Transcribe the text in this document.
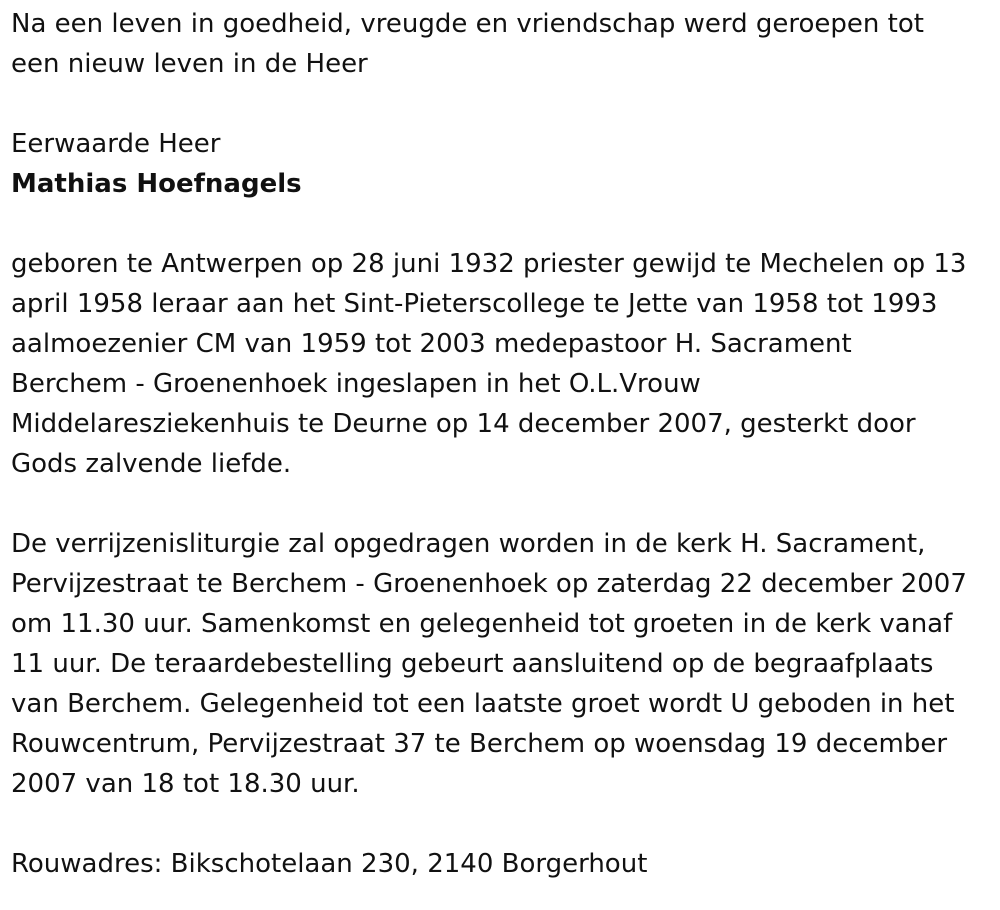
Na een leven in goedheid, vreugde en vriendschap werd geroepen tot
een nieuw leven in de Heer

Eerwaarde Heer

Mathias Hoefnagels

geboren te Antwerpen op 28 juni 1932 priester gewijd te Mechelen op 13
april 1958 leraar aan het Sint-Pieterscollege te Jette van 1958 tot 1993
aalmoezenier CM van 1959 tot 2003 medepastoor H. Sacrament
Berchem - Groenenhoek ingeslapen in het O.L.Vrouw
Middelaresziekenhuis te Deurne op 14 december 2007, gesterkt door
Gods zalvende liefde.

De verrijzenisliturgie zal opgedragen worden in de kerk H. Sacrament,
Pervijzestraat te Berchem - Groenenhoek op zaterdag 22 december 2007
om 11.30 uur. Samenkomst en gelegenheid tot groeten in de kerk vanaf
11 uur. De teraardebestelling gebeurt aansluitend op de begraafplaats
van Berchem. Gelegenheid tot een laatste groet wordt U geboden in het
Rouwcentrum, Pervijzestraat 37 te Berchem op woensdag 19 december
2007 van 18 tot 18.30 uur.

Rouwadres: Bikschotelaan 230, 2140 Borgerhout
